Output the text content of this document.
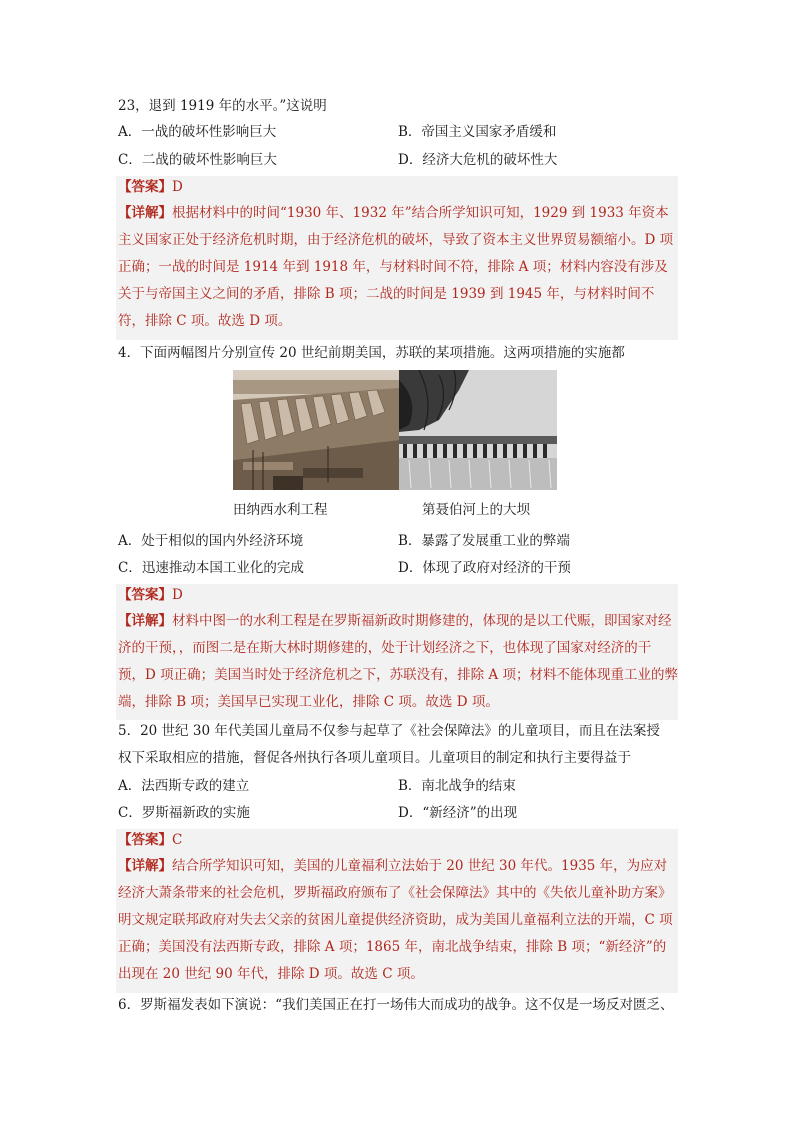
23，退到 1919 年的水平。”这说明
A．一战的破坏性影响巨大	B．帝国主义国家矛盾缓和
C．二战的破坏性影响巨大	D．经济大危机的破坏性大
【答案】D
【详解】根据材料中的时间“1930 年、1932 年”结合所学知识可知，1929 到 1933 年资本主义国家正处于经济危机时期，由于经济危机的破坏，导致了资本主义世界贸易额缩小。D 项正确；一战的时间是 1914 年到 1918 年，与材料时间不符，排除 A 项；材料内容没有涉及关于与帝国主义之间的矛盾，排除 B 项；二战的时间是 1939 到 1945 年，与材料时间不符，排除 C 项。故选 D 项。
4．下面两幅图片分别宣传 20 世纪前期美国，苏联的某项措施。这两项措施的实施都
田纳西水利工程	第聂伯河上的大坝
A．处于相似的国内外经济环境	B．暴露了发展重工业的弊端
C．迅速推动本国工业化的完成	D．体现了政府对经济的干预
【答案】D
【详解】材料中图一的水利工程是在罗斯福新政时期修建的，体现的是以工代赈，即国家对经济的干预，，而图二是在斯大林时期修建的，处于计划经济之下，也体现了国家对经济的干预，D 项正确；美国当时处于经济危机之下，苏联没有，排除 A 项；材料不能体现重工业的弊端，排除 B 项；美国早已实现工业化，排除 C 项。故选 D 项。
5．20 世纪 30 年代美国儿童局不仅参与起草了《社会保障法》的儿童项目，而且在法案授
权下采取相应的措施，督促各州执行各项儿童项目。儿童项目的制定和执行主要得益于
A．法西斯专政的建立	B．南北战争的结束
C．罗斯福新政的实施	D．“新经济”的出现
【答案】C
【详解】结合所学知识可知，美国的儿童福利立法始于 20 世纪 30 年代。1935 年，为应对经济大萧条带来的社会危机，罗斯福政府颁布了《社会保障法》其中的《失依儿童补助方案》明文规定联邦政府对失去父亲的贫困儿童提供经济资助，成为美国儿童福利立法的开端，C 项正确；美国没有法西斯专政，排除 A 项；1865 年，南北战争结束，排除 B 项；“新经济”的出现在 20 世纪 90 年代，排除 D 项。故选 C 项。
6．罗斯福发表如下演说：“我们美国正在打一场伟大而成功的战争。这不仅是一场反对匮乏、
